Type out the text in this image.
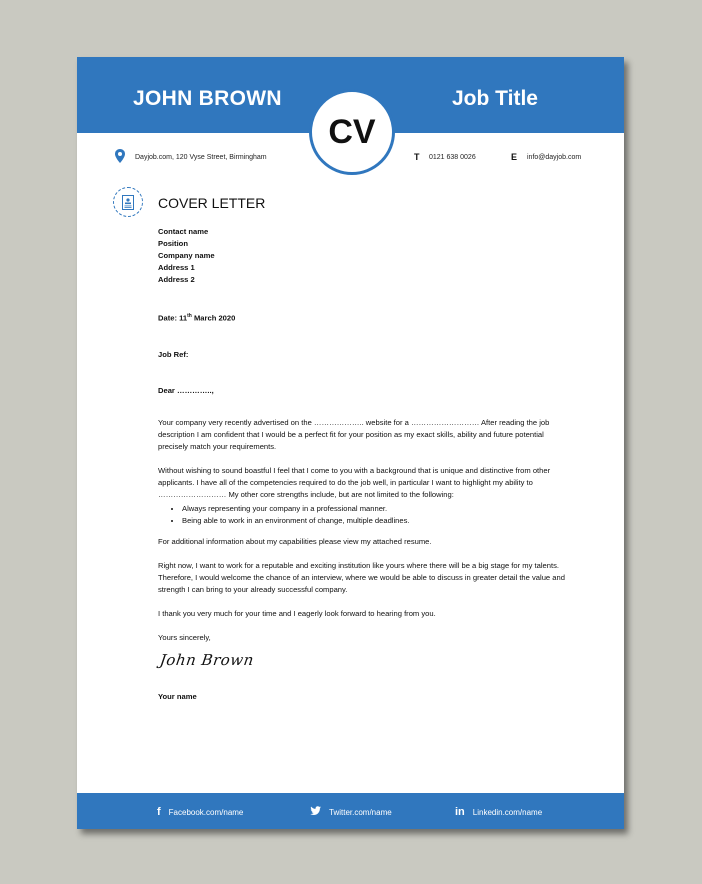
JOHN BROWN	Job Title
CV
Dayjob.com, 120 Vyse Street, Birmingham	T 0121 638 0026	E info@dayjob.com
COVER LETTER
Contact name
Position
Company name
Address 1
Address 2
Date: 11th March 2020
Job Ref:
Dear …………..,

Your company very recently advertised on the ……………….. website for a ……………………… After reading the job description I am confident that I would be a perfect fit for your position as my exact skills, ability and future potential precisely match your requirements.

Without wishing to sound boastful I feel that I come to you with a background that is unique and distinctive from other applicants. I have all of the competencies required to do the job well, in particular I want to highlight my ability to ……………………… My other core strengths include, but are not limited to the following:

• Always representing your company in a professional manner.
• Being able to work in an environment of change, multiple deadlines.

For additional information about my capabilities please view my attached resume.

Right now, I want to work for a reputable and exciting institution like yours where there will be a big stage for my talents. Therefore, I would welcome the chance of an interview, where we would be able to discuss in greater detail the value and strength I can bring to your already successful company.

I thank you very much for your time and I eagerly look forward to hearing from you.

Yours sincerely,

John Brown
Your name
f Facebook.com/name	Twitter.com/name	in Linkedin.com/name
